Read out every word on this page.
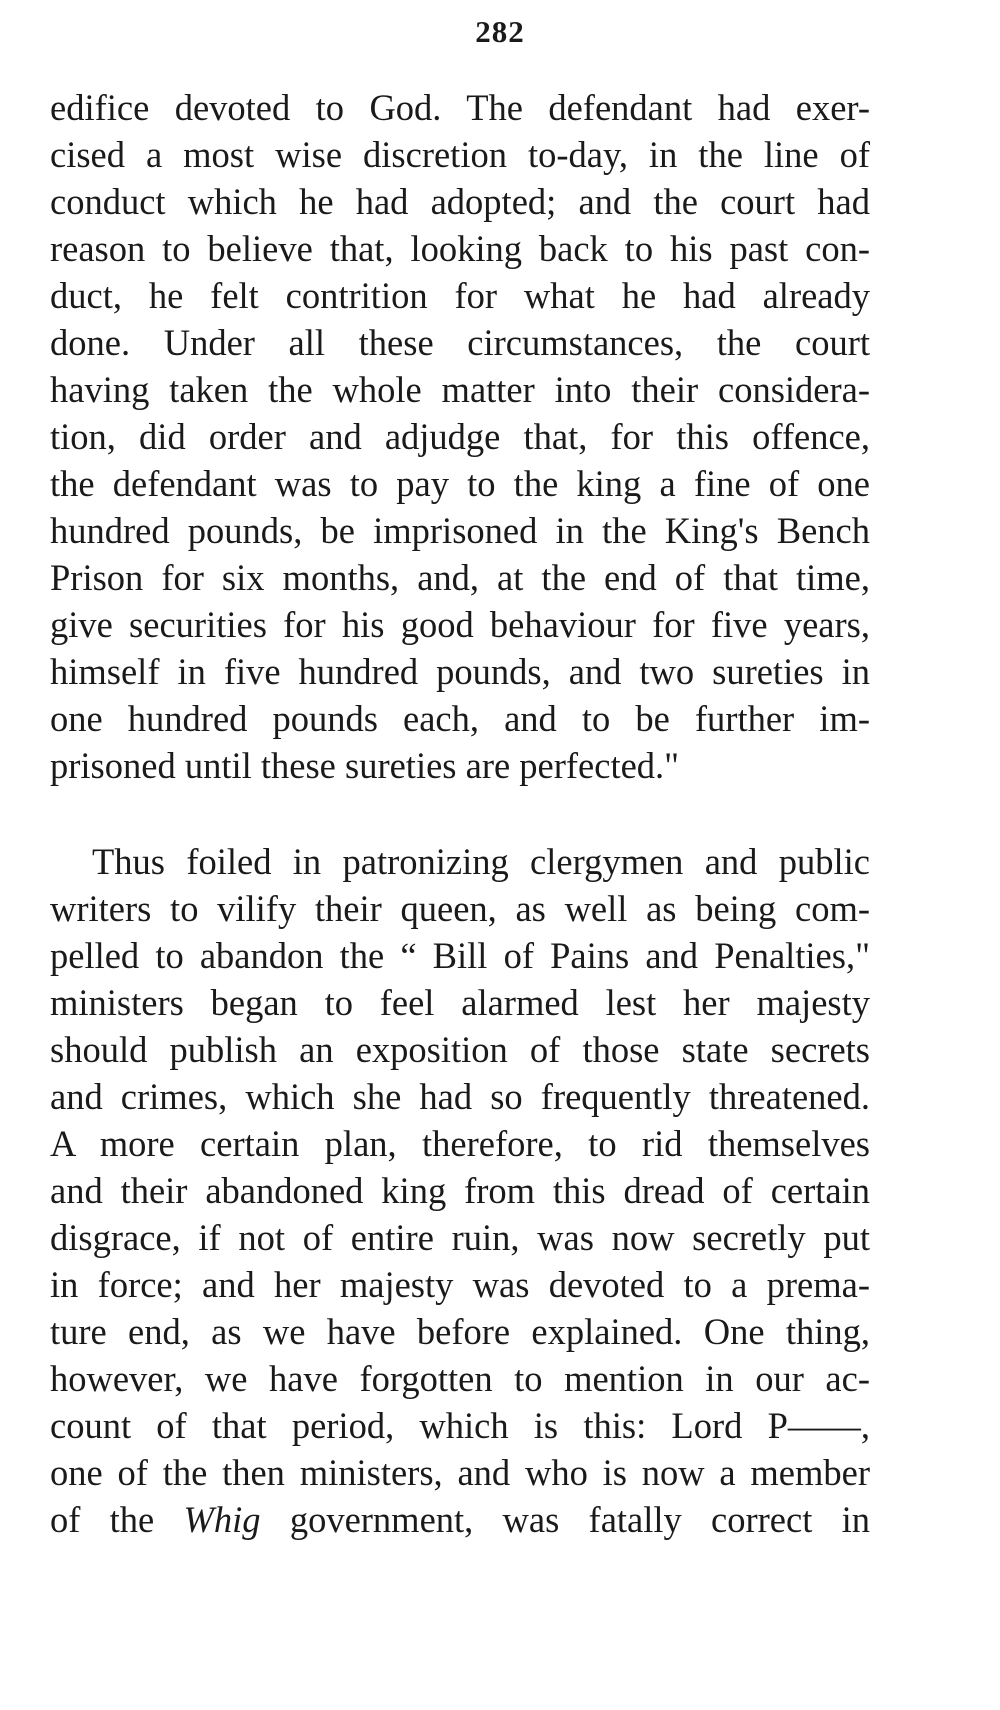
282
edifice devoted to God. The defendant had exer-
cised a most wise discretion to-day, in the line of
conduct which he had adopted; and the court had
reason to believe that, looking back to his past con-
duct, he felt contrition for what he had already
done. Under all these circumstances, the court
having taken the whole matter into their considera-
tion, did order and adjudge that, for this offence,
the defendant was to pay to the king a fine of one
hundred pounds, be imprisoned in the King's Bench
Prison for six months, and, at the end of that time,
give securities for his good behaviour for five years,
himself in five hundred pounds, and two sureties in
one hundred pounds each, and to be further im-
prisoned until these sureties are perfected."
Thus foiled in patronizing clergymen and public
writers to vilify their queen, as well as being com-
pelled to abandon the “ Bill of Pains and Penalties,"
ministers began to feel alarmed lest her majesty
should publish an exposition of those state secrets
and crimes, which she had so frequently threatened.
A more certain plan, therefore, to rid themselves
and their abandoned king from this dread of certain
disgrace, if not of entire ruin, was now secretly put
in force; and her majesty was devoted to a prema-
ture end, as we have before explained. One thing,
however, we have forgotten to mention in our ac-
count of that period, which is this: Lord P——,
one of the then ministers, and who is now a member
of the Whig government, was fatally correct in
